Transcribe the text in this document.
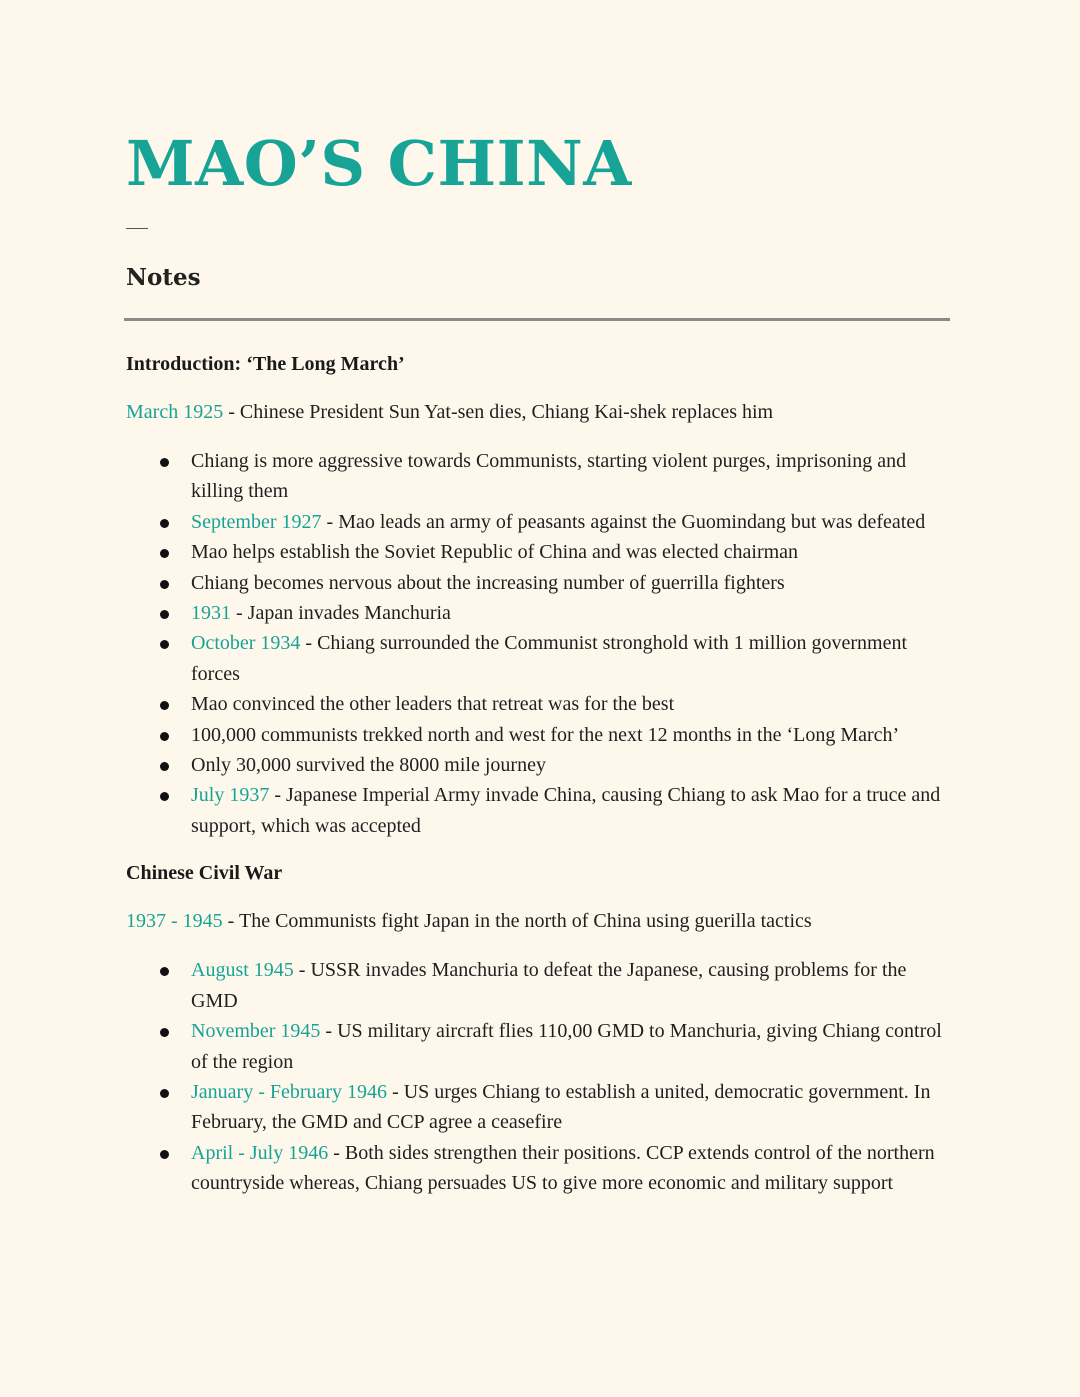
MAO’S CHINA
Notes
Introduction: ‘The Long March’

March 1925 - Chinese President Sun Yat-sen dies, Chiang Kai-shek replaces him

Chiang is more aggressive towards Communists, starting violent purges, imprisoning and killing them
September 1927 - Mao leads an army of peasants against the Guomindang but was defeated
Mao helps establish the Soviet Republic of China and was elected chairman
Chiang becomes nervous about the increasing number of guerrilla fighters
1931 - Japan invades Manchuria
October 1934 - Chiang surrounded the Communist stronghold with 1 million government forces
Mao convinced the other leaders that retreat was for the best
100,000 communists trekked north and west for the next 12 months in the ‘Long March’
Only 30,000 survived the 8000 mile journey
July 1937 - Japanese Imperial Army invade China, causing Chiang to ask Mao for a truce and support, which was accepted
Chinese Civil War

1937 - 1945 - The Communists fight Japan in the north of China using guerilla tactics

August 1945 - USSR invades Manchuria to defeat the Japanese, causing problems for the GMD
November 1945 - US military aircraft flies 110,00 GMD to Manchuria, giving Chiang control of the region
January - February 1946 - US urges Chiang to establish a united, democratic government. In February, the GMD and CCP agree a ceasefire
April - July 1946 - Both sides strengthen their positions. CCP extends control of the northern countryside whereas, Chiang persuades US to give more economic and military support
